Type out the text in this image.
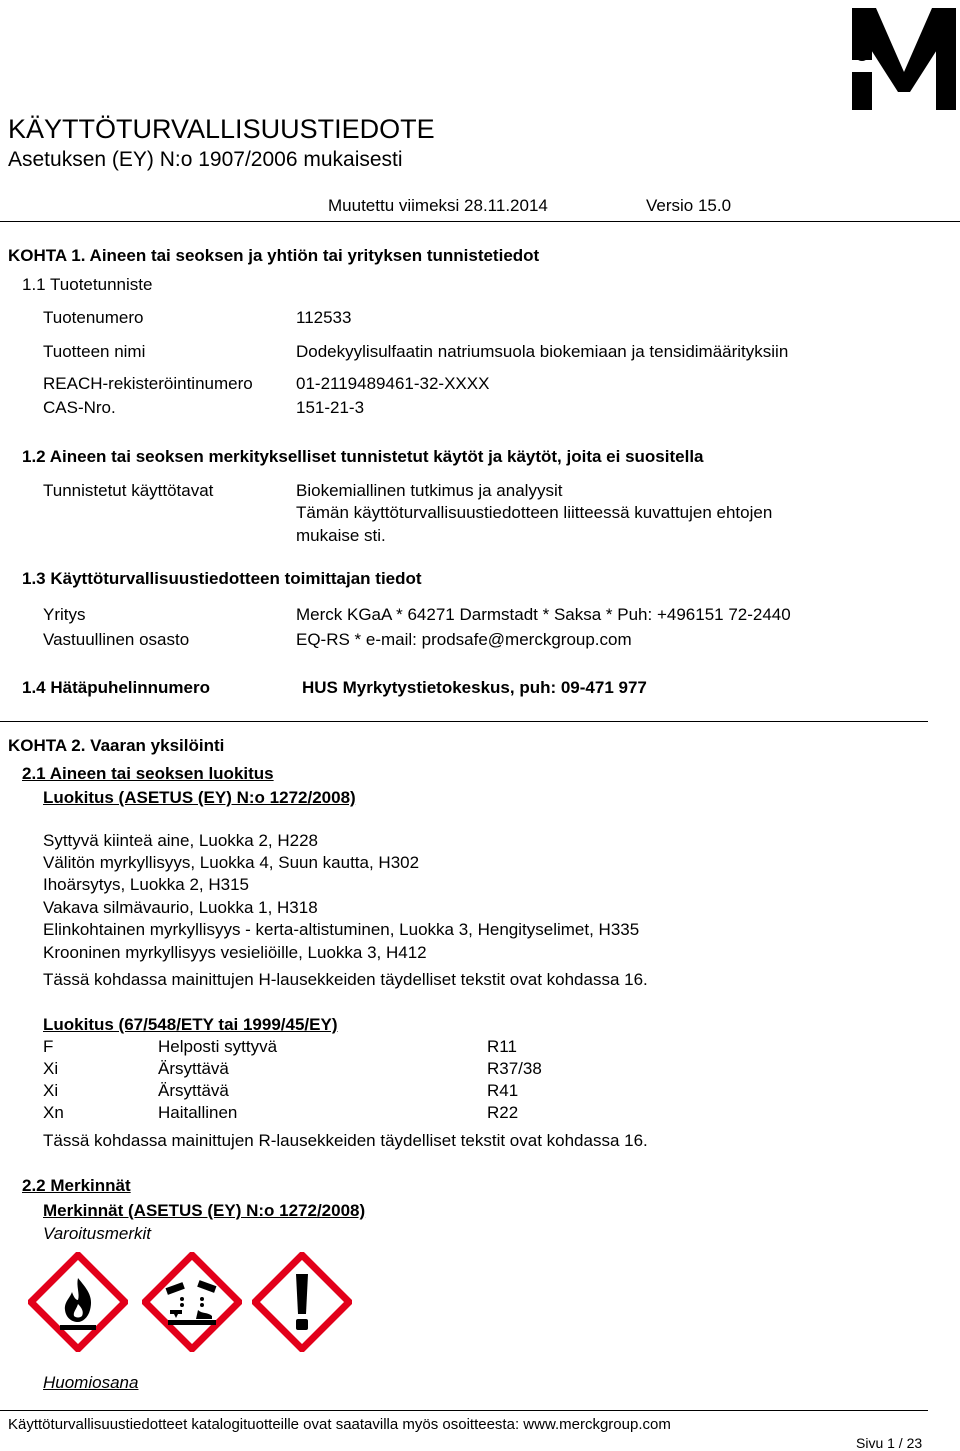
KÄYTTÖTURVALLISUUSTIEDOTE
Asetuksen (EY) N:o 1907/2006 mukaisesti
Muutettu viimeksi 28.11.2014	Versio 15.0
KOHTA 1. Aineen tai seoksen ja yhtiön tai yrityksen tunnistetiedot
1.1 Tuotetunniste
Tuotenumero	112533
Tuotteen nimi	Dodekyylisulfaatin natriumsuola biokemiaan ja tensidimäärityksiin
REACH-rekisteröintinumero	01-2119489461-32-XXXX
CAS-Nro.	151-21-3
1.2 Aineen tai seoksen merkitykselliset tunnistetut käytöt ja käytöt, joita ei suositella
Tunnistetut käyttötavat	Biokemiallinen tutkimus ja analyysit
Tämän käyttöturvallisuustiedotteen liitteessä kuvattujen ehtojen
mukaise sti.
1.3 Käyttöturvallisuustiedotteen toimittajan tiedot
Yritys	Merck KGaA * 64271 Darmstadt * Saksa * Puh: +496151 72-2440
Vastuullinen osasto	EQ-RS * e-mail: prodsafe@merckgroup.com
1.4 Hätäpuhelinnumero	HUS Myrkytystietokeskus, puh: 09-471 977
KOHTA 2. Vaaran yksilöinti
2.1 Aineen tai seoksen luokitus
Luokitus (ASETUS (EY) N:o 1272/2008)
Syttyvä kiinteä aine, Luokka 2, H228
Välitön myrkyllisyys, Luokka 4, Suun kautta, H302
Ihoärsytys, Luokka 2, H315
Vakava silmävaurio, Luokka 1, H318
Elinkohtainen myrkyllisyys - kerta-altistuminen, Luokka 3, Hengityselimet, H335
Krooninen myrkyllisyys vesieliöille, Luokka 3, H412
Tässä kohdassa mainittujen H-lausekkeiden täydelliset tekstit ovat kohdassa 16.
Luokitus (67/548/ETY tai 1999/45/EY)
F	Helposti syttyvä	R11
Xi	Ärsyttävä	R37/38
Xi	Ärsyttävä	R41
Xn	Haitallinen	R22
Tässä kohdassa mainittujen R-lausekkeiden täydelliset tekstit ovat kohdassa 16.
2.2 Merkinnät
Merkinnät (ASETUS (EY) N:o 1272/2008)
Varoitusmerkit
Huomiosana
Käyttöturvallisuustiedotteet katalogituotteille ovat saatavilla myös osoitteesta: www.merckgroup.com
Sivu 1 / 23
